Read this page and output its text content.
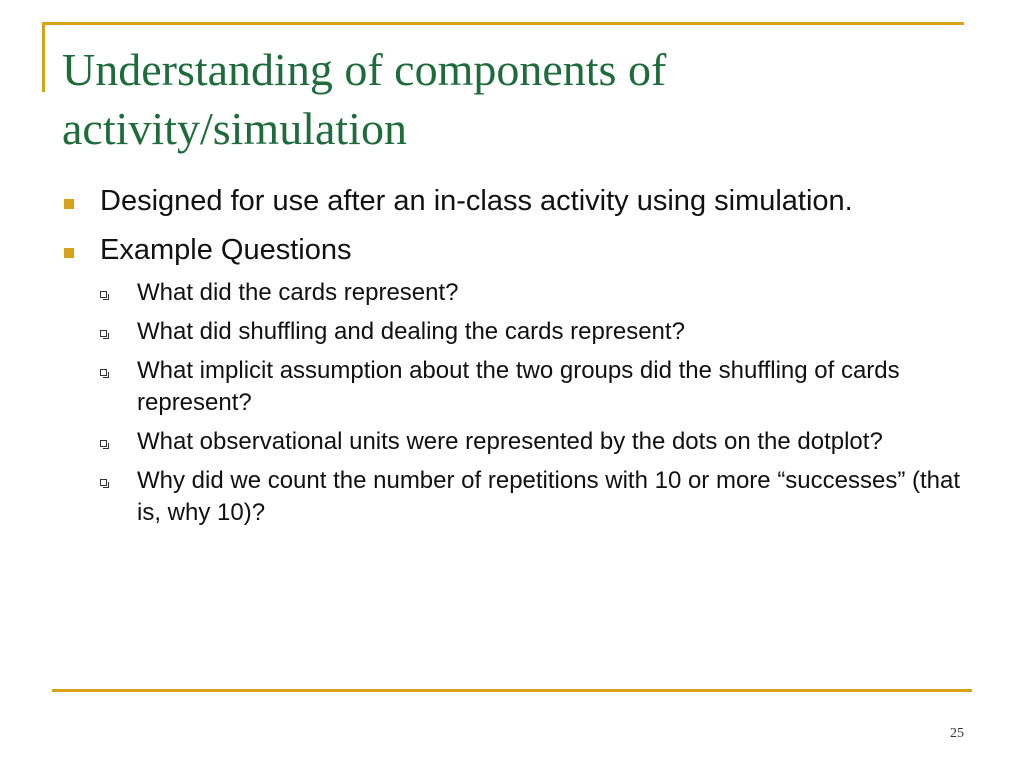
Understanding of components of activity/simulation
Designed for use after an in-class activity using simulation.
Example Questions
What did the cards represent?
What did shuffling and dealing the cards represent?
What implicit assumption about the two groups did the shuffling of cards represent?
What observational units were represented by the dots on the dotplot?
Why did we count the number of repetitions with 10 or more “successes” (that is, why 10)?
25
